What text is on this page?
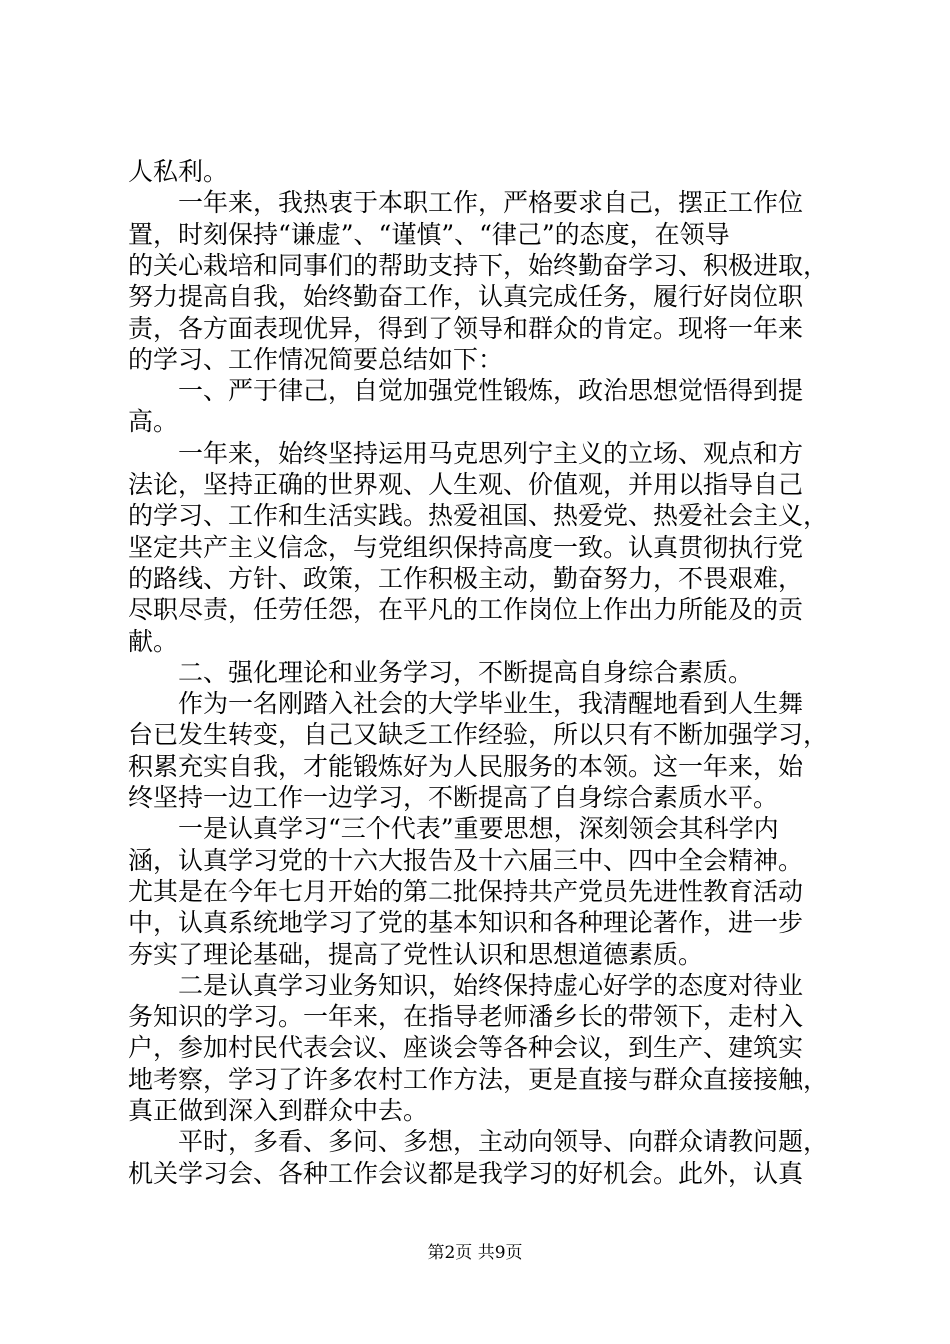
人私利。

　　一年来，我热衷于本职工作，严格要求自己，摆正工作位

置，时刻保持“谦虚”、“谨慎”、“律己”的态度，在领导

的关心栽培和同事们的帮助支持下，始终勤奋学习、积极进取，

努力提高自我，始终勤奋工作，认真完成任务，履行好岗位职

责，各方面表现优异，得到了领导和群众的肯定。现将一年来

的学习、工作情况简要总结如下：

　　一、严于律己，自觉加强党性锻炼，政治思想觉悟得到提

高。

　　一年来，始终坚持运用马克思列宁主义的立场、观点和方

法论，坚持正确的世界观、人生观、价值观，并用以指导自己

的学习、工作和生活实践。热爱祖国、热爱党、热爱社会主义，

坚定共产主义信念，与党组织保持高度一致。认真贯彻执行党

的路线、方针、政策，工作积极主动，勤奋努力，不畏艰难，

尽职尽责，任劳任怨，在平凡的工作岗位上作出力所能及的贡

献。

　　二、强化理论和业务学习，不断提高自身综合素质。

　　作为一名刚踏入社会的大学毕业生，我清醒地看到人生舞

台已发生转变，自己又缺乏工作经验，所以只有不断加强学习，

积累充实自我，才能锻炼好为人民服务的本领。这一年来，始

终坚持一边工作一边学习，不断提高了自身综合素质水平。

　　一是认真学习“三个代表”重要思想，深刻领会其科学内

涵，认真学习党的十六大报告及十六届三中、四中全会精神。

尤其是在今年七月开始的第二批保持共产党员先进性教育活动

中，认真系统地学习了党的基本知识和各种理论著作，进一步

夯实了理论基础，提高了党性认识和思想道德素质。

　　二是认真学习业务知识，始终保持虚心好学的态度对待业

务知识的学习。一年来，在指导老师潘乡长的带领下，走村入

户，参加村民代表会议、座谈会等各种会议，到生产、建筑实

地考察，学习了许多农村工作方法，更是直接与群众直接接触，

真正做到深入到群众中去。

　　平时，多看、多问、多想，主动向领导、向群众请教问题，

机关学习会、各种工作会议都是我学习的好机会。此外，认真

第2页 共9页
